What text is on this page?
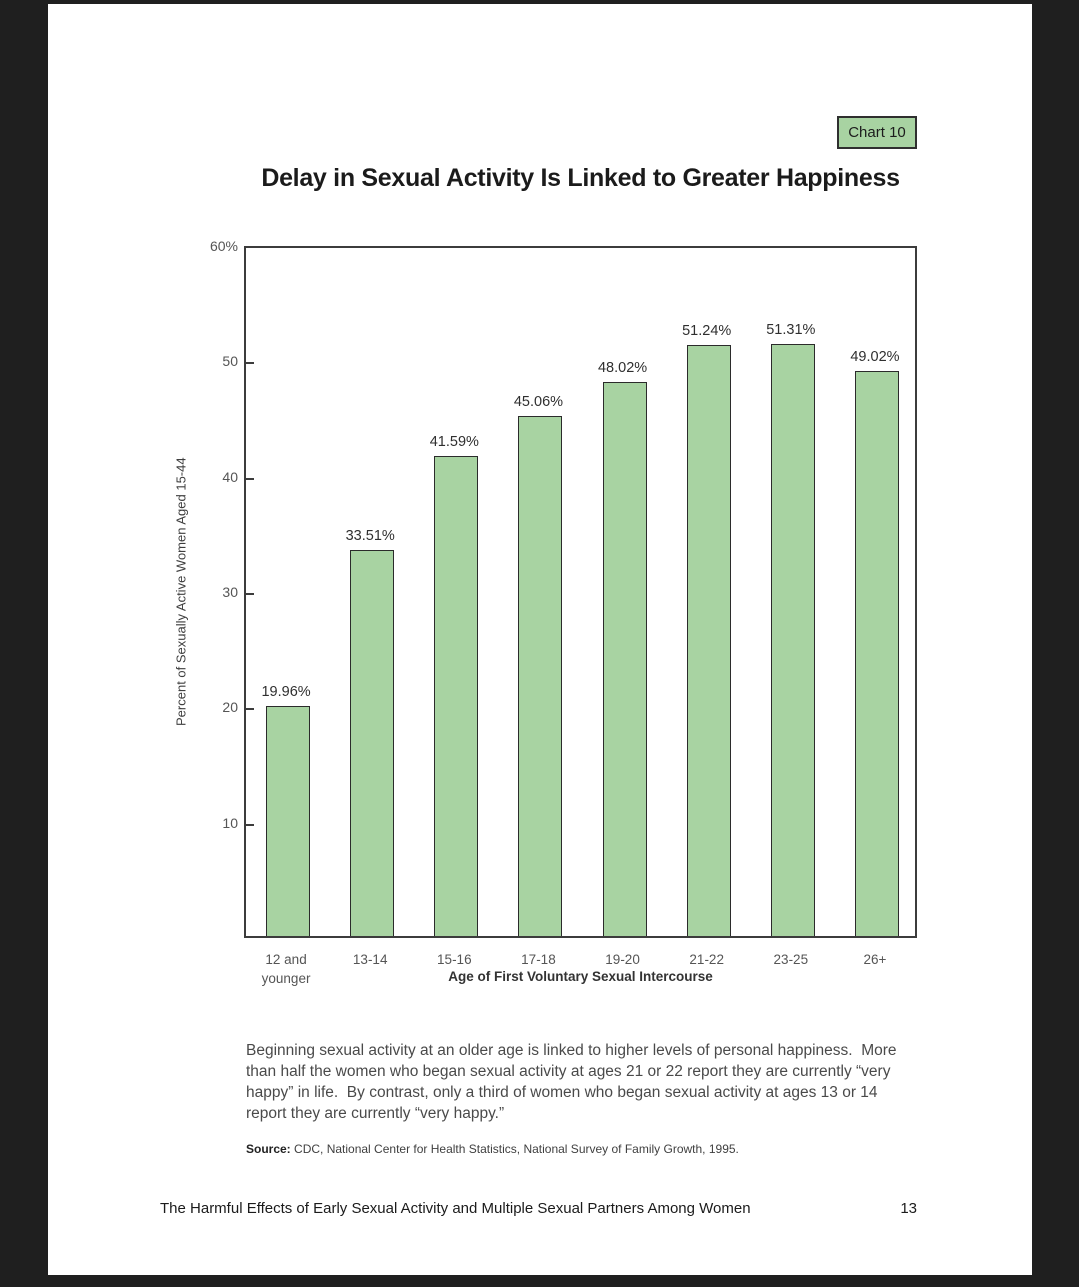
Chart 10
Delay in Sexual Activity Is Linked to Greater Happiness
Percent of Sexually Active Women Aged 15-44
60%
50
40
30
20
10
12 and
younger
13-14	15-16	17-18	19-20	21-22	23-25	26+
Age of First Voluntary Sexual Intercourse

Beginning sexual activity at an older age is linked to higher levels of personal happiness.  More than half the women who began sexual activity at ages 21 or 22 report they are currently “very happy” in life.  By contrast, only a third of women who began sexual activity at ages 13 or 14 report they are currently “very happy.”

Source: CDC, National Center for Health Statistics, National Survey of Family Growth, 1995.

The Harmful Effects of Early Sexual Activity and Multiple Sexual Partners Among Women	13
19.96%
33.51%
41.59%
45.06%
48.02%
51.24%	51.31%
49.02%
